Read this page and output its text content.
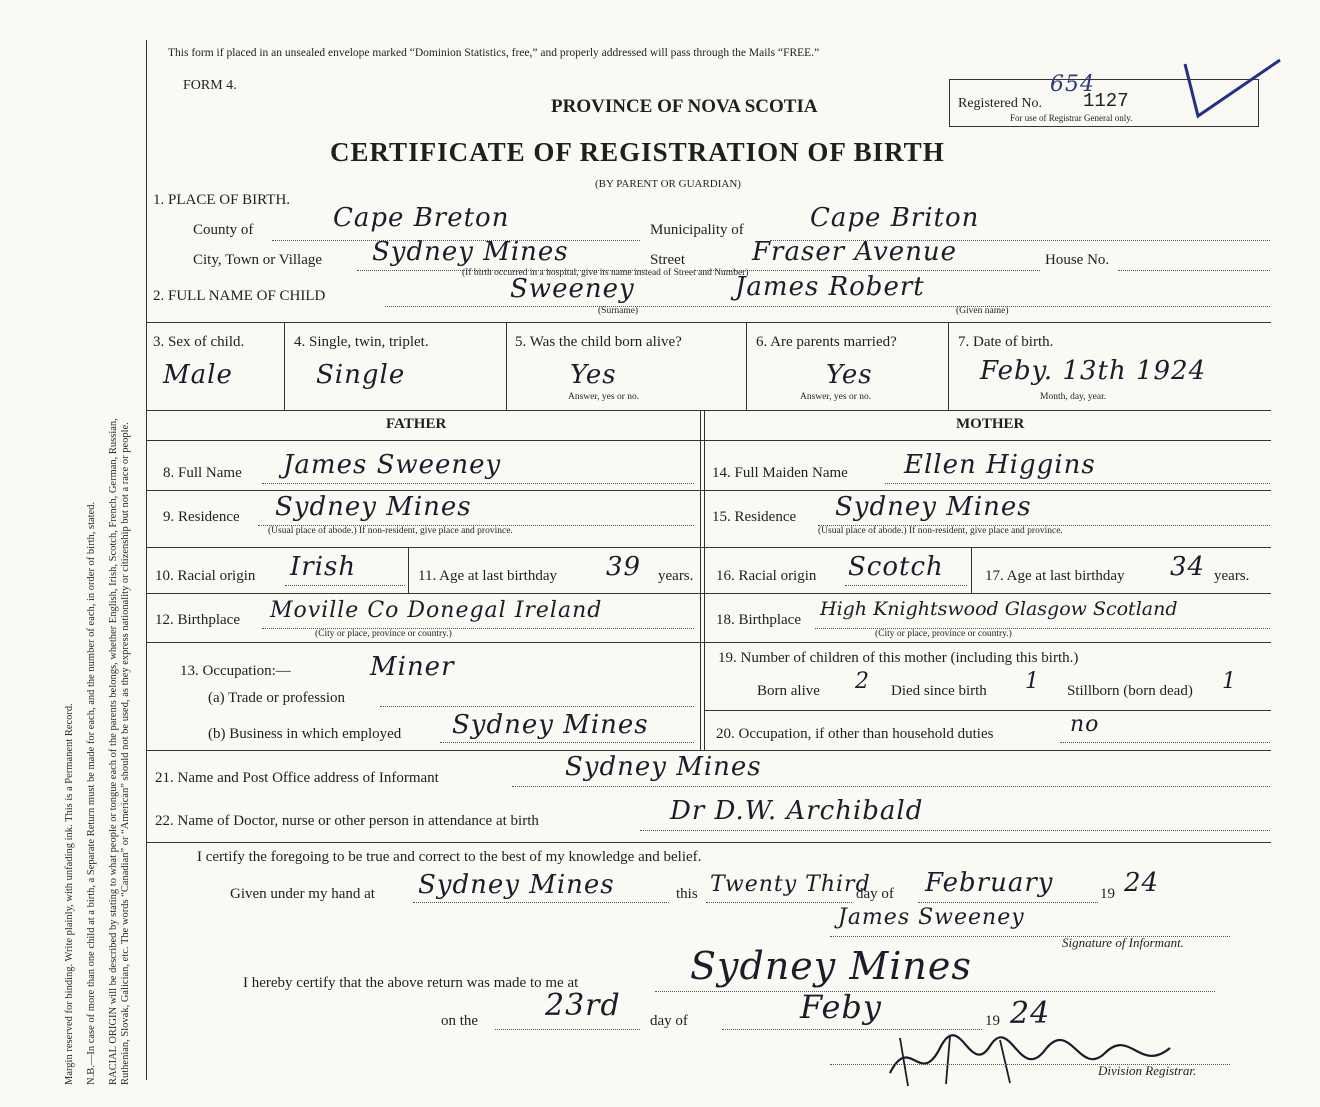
Margin reserved for binding. Write plainly, with unfading ink. This is a Permanent Record. N.B.—In case of more than one child at a birth, a Separate Return must be made for each, and the number of each, in order of birth, stated. RACIAL ORIGIN will be described by stating to what people or tongue each of the parents belongs, whether English, Irish, Scotch, French, German, Russian, Ruthenian, Slovak, Galician, etc. The words “Canadian” or “American” should not be used, as they express nationality or citizenship but not a race or people.
This form if placed in an unsealed envelope marked “Dominion Statistics, free,” and properly addressed will pass through the Mails “FREE.”
FORM 4.
PROVINCE OF NOVA SCOTIA
CERTIFICATE OF REGISTRATION OF BIRTH
(BY PARENT OR GUARDIAN)
Registered No.
654
1127
For use of Registrar General only.
1. PLACE OF BIRTH.
County of	Cape Breton	Municipality of	Cape Briton
City, Town or Village Sydney Mines	Street	Fraser Avenue	House No.
(If birth occurred in a hospital, give its name instead of Street and Number)
2. FULL NAME OF CHILD	Sweeney	James Robert
(Surname)	(Given name)
3. Sex of child.
Male
4. Single, twin, triplet.
Single
5. Was the child born alive?
Yes
Answer, yes or no.
6. Are parents married?
Yes
Answer, yes or no.
7. Date of birth.
Feby. 13th 1924
Month, day, year.
FATHER	MOTHER
8. Full Name James Sweeney	14. Full Maiden Name Ellen Higgins
9. Residence Sydney Mines
(Usual place of abode.) If non-resident, give place and province.
15. Residence Sydney Mines
(Usual place of abode.) If non-resident, give place and province.
10. Racial origin Irish	11. Age at last birthday 39 years. 16. Racial origin Scotch	17. Age at last birthday 34 years.
12. Birthplace Moville Co Donegal Ireland
(City or place, province or country.)
18. Birthplace High Knightswood Glasgow Scotland
(City or place, province or country.)
13. Occupation:—	Miner
(a) Trade or profession
(b) Business in which employed Sydney Mines
19. Number of children of this mother (including this birth.)
Born alive 2 Died since birth 1 Stillborn (born dead) 1
20. Occupation, if other than household duties	no
21. Name and Post Office address of Informant	Sydney Mines
22. Name of Doctor, nurse or other person in attendance at birth	Dr D.W. Archibald
I certify the foregoing to be true and correct to the best of my knowledge and belief.
Given under my hand at Sydney Mines	this Twenty Third
day of February	19 24
James Sweeney
Signature of Informant.
I hereby certify that the above return was made to me at	Sydney Mines
on the 23rd day of	Feby	19 24
Division Registrar.
